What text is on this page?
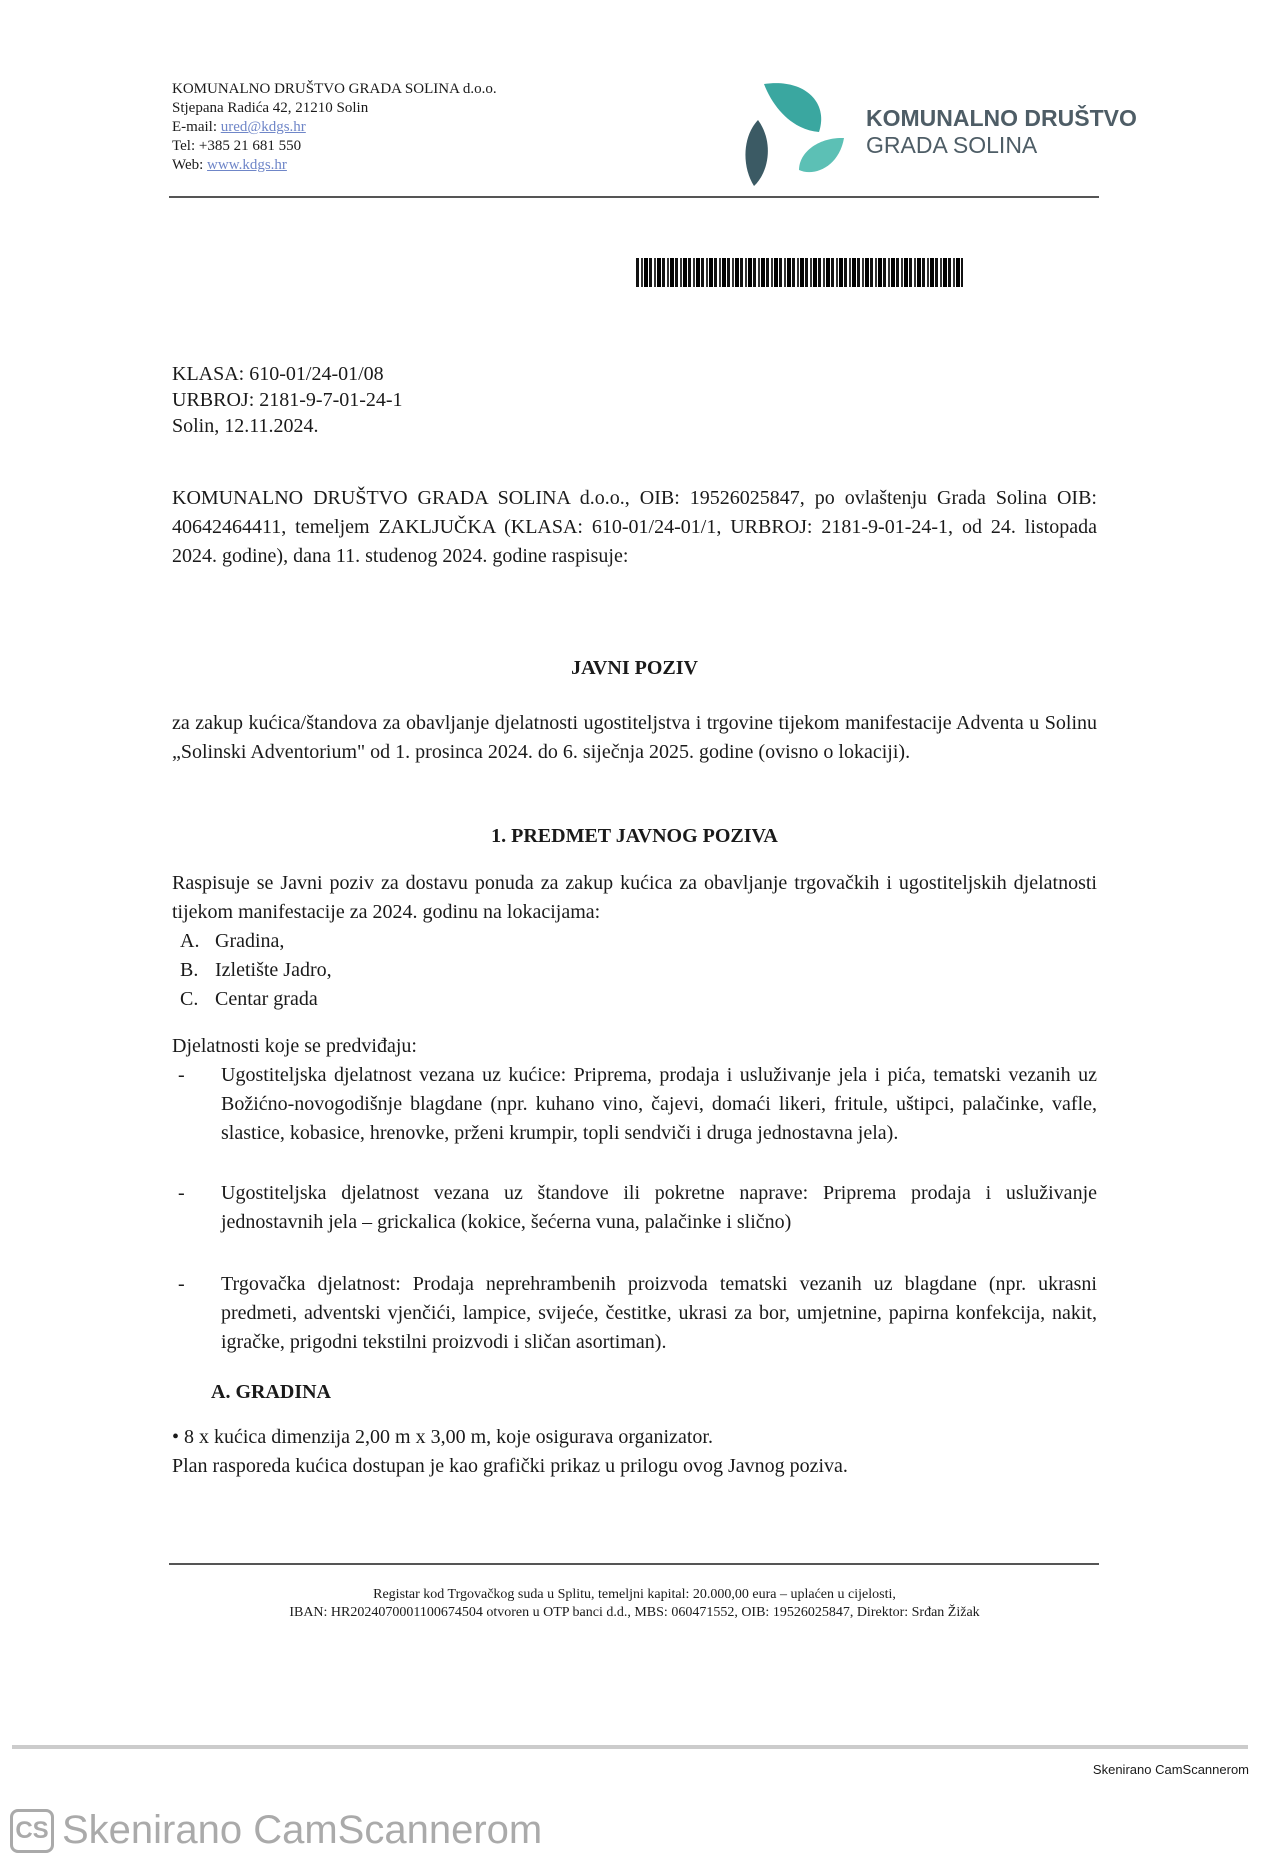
KOMUNALNO DRUŠTVO GRADA SOLINA d.o.o.
Stjepana Radića 42, 21210 Solin
E-mail: ured@kdgs.hr
Tel: +385 21 681 550
Web: www.kdgs.hr
KOMUNALNO DRUŠTVO
GRADA SOLINA
KLASA: 610-01/24-01/08
URBROJ: 2181-9-7-01-24-1
Solin, 12.11.2024.
KOMUNALNO DRUŠTVO GRADA SOLINA d.o.o., OIB: 19526025847, po ovlaštenju Grada Solina OIB: 40642464411, temeljem ZAKLJUČKA (KLASA: 610-01/24-01/1, URBROJ: 2181-9-01-24-1, od 24. listopada 2024. godine), dana 11. studenog 2024. godine raspisuje:
JAVNI POZIV
za zakup kućica/štandova za obavljanje djelatnosti ugostiteljstva i trgovine tijekom manifestacije Adventa u Solinu „Solinski Adventorium" od 1. prosinca 2024. do 6. siječnja 2025. godine (ovisno o lokaciji).
1. PREDMET JAVNOG POZIVA
Raspisuje se Javni poziv za dostavu ponuda za zakup kućica za obavljanje trgovačkih i ugostiteljskih djelatnosti tijekom manifestacije za 2024. godinu na lokacijama:
A. Gradina,
B. Izletište Jadro,
C. Centar grada
Djelatnosti koje se predviđaju:
-	Ugostiteljska djelatnost vezana uz kućice: Priprema, prodaja i usluživanje jela i pića, tematski vezanih uz Božićno-novogodišnje blagdane (npr. kuhano vino, čajevi, domaći likeri, fritule, uštipci, palačinke, vafle, slastice, kobasice, hrenovke, prženi krumpir, topli sendviči i druga jednostavna jela).
-	Ugostiteljska djelatnost vezana uz štandove ili pokretne naprave: Priprema prodaja i usluživanje jednostavnih jela – grickalica (kokice, šećerna vuna, palačinke i slično)
-	Trgovačka djelatnost: Prodaja neprehrambenih proizvoda tematski vezanih uz blagdane (npr. ukrasni predmeti, adventski vjenčići, lampice, svijeće, čestitke, ukrasi za bor, umjetnine, papirna konfekcija, nakit, igračke, prigodni tekstilni proizvodi i sličan asortiman).
A. GRADINA
• 8 x kućica dimenzija 2,00 m x 3,00 m, koje osigurava organizator.
Plan rasporeda kućica dostupan je kao grafički prikaz u prilogu ovog Javnog poziva.
Registar kod Trgovačkog suda u Splitu, temeljni kapital: 20.000,00 eura – uplaćen u cijelosti,
IBAN: HR2024070001100674504 otvoren u OTP banci d.d., MBS: 060471552, OIB: 19526025847, Direktor: Srđan Žižak
Skenirano CamScannerom
CS Skenirano CamScannerom
